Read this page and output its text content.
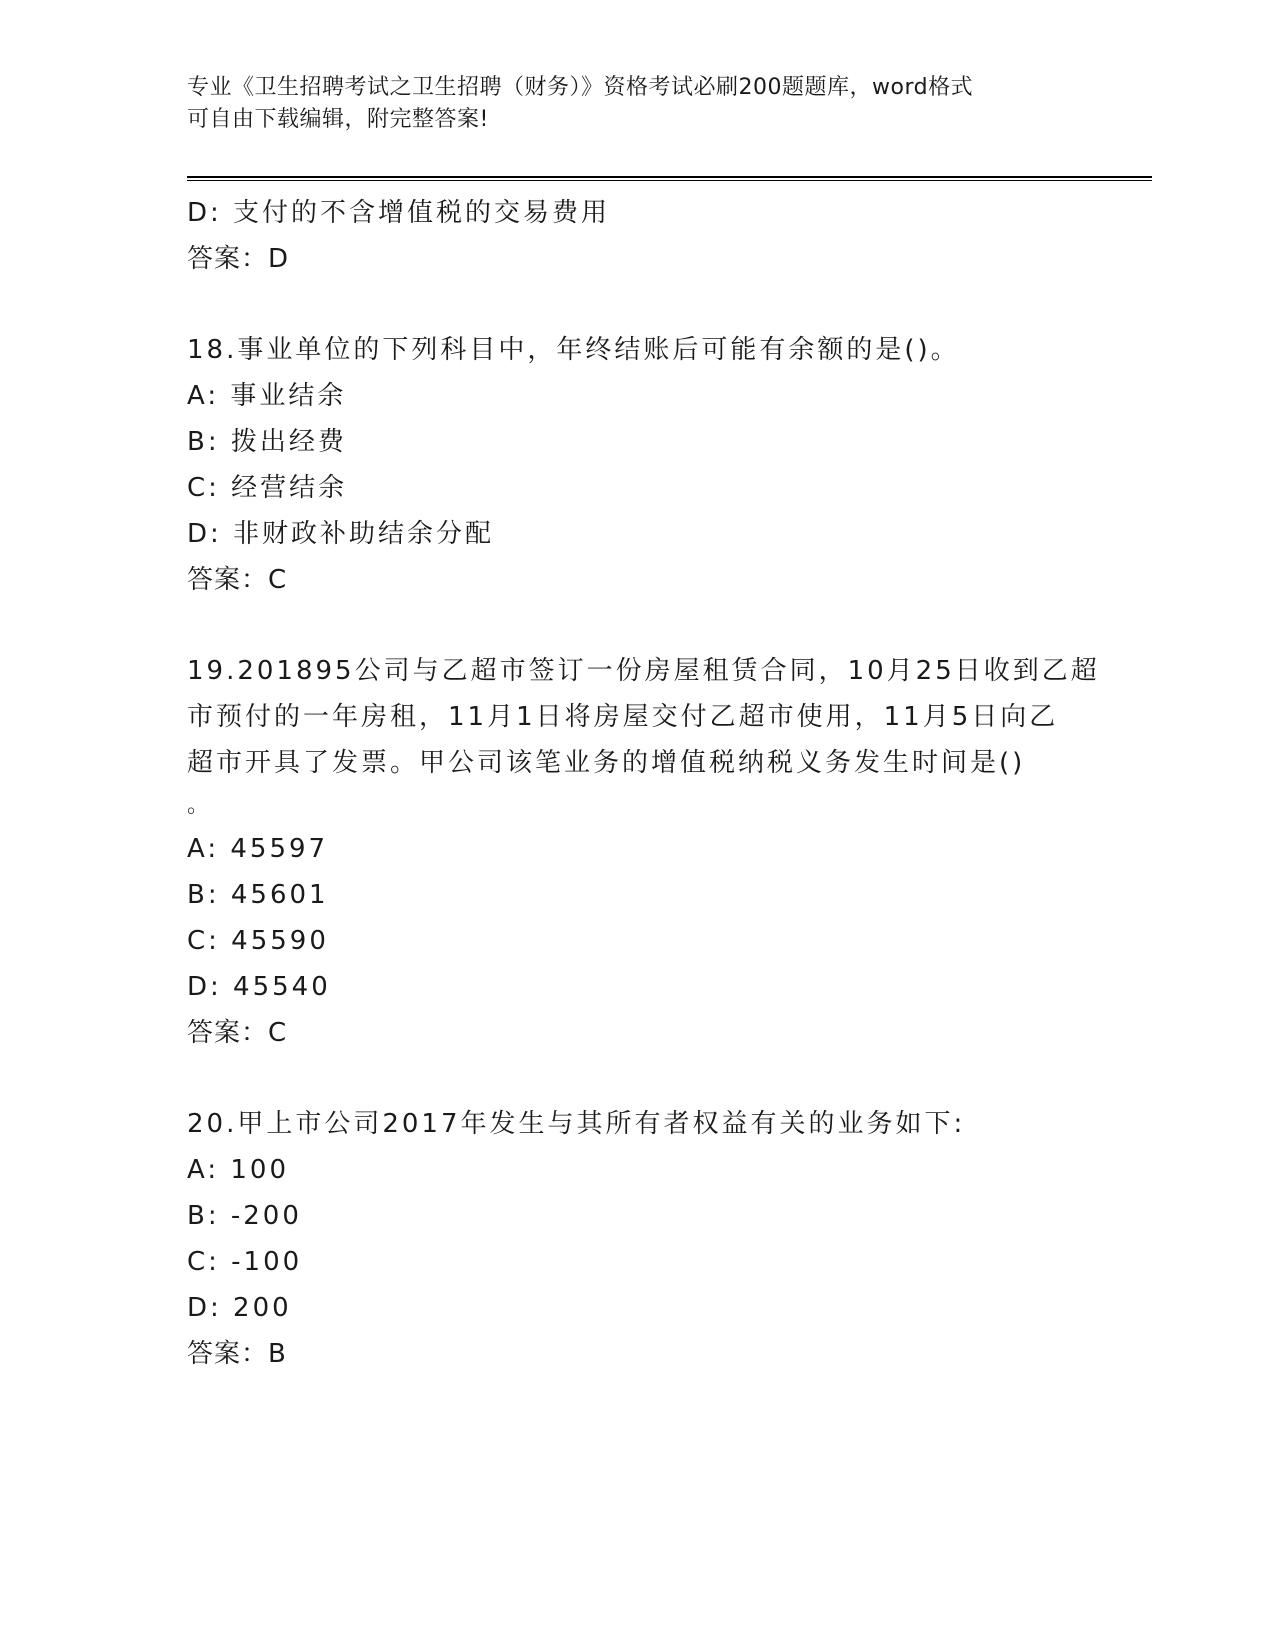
专业《卫生招聘考试之卫生招聘（财务）》资格考试必刷200题题库，word格式
可自由下载编辑，附完整答案!
D: 支付的不含增值税的交易费用
答案：D
18.事业单位的下列科目中，年终结账后可能有余额的是()。
A: 事业结余
B: 拨出经费
C: 经营结余
D: 非财政补助结余分配
答案：C
19.201895公司与乙超市签订一份房屋租赁合同，10月25日收到乙超
市预付的一年房租，11月1日将房屋交付乙超市使用，11月5日向乙
超市开具了发票。甲公司该笔业务的增值税纳税义务发生时间是()
。
A: 45597
B: 45601
C: 45590
D: 45540
答案：C
20.甲上市公司2017年发生与其所有者权益有关的业务如下:
A: 100
B: -200
C: -100
D: 200
答案：B
